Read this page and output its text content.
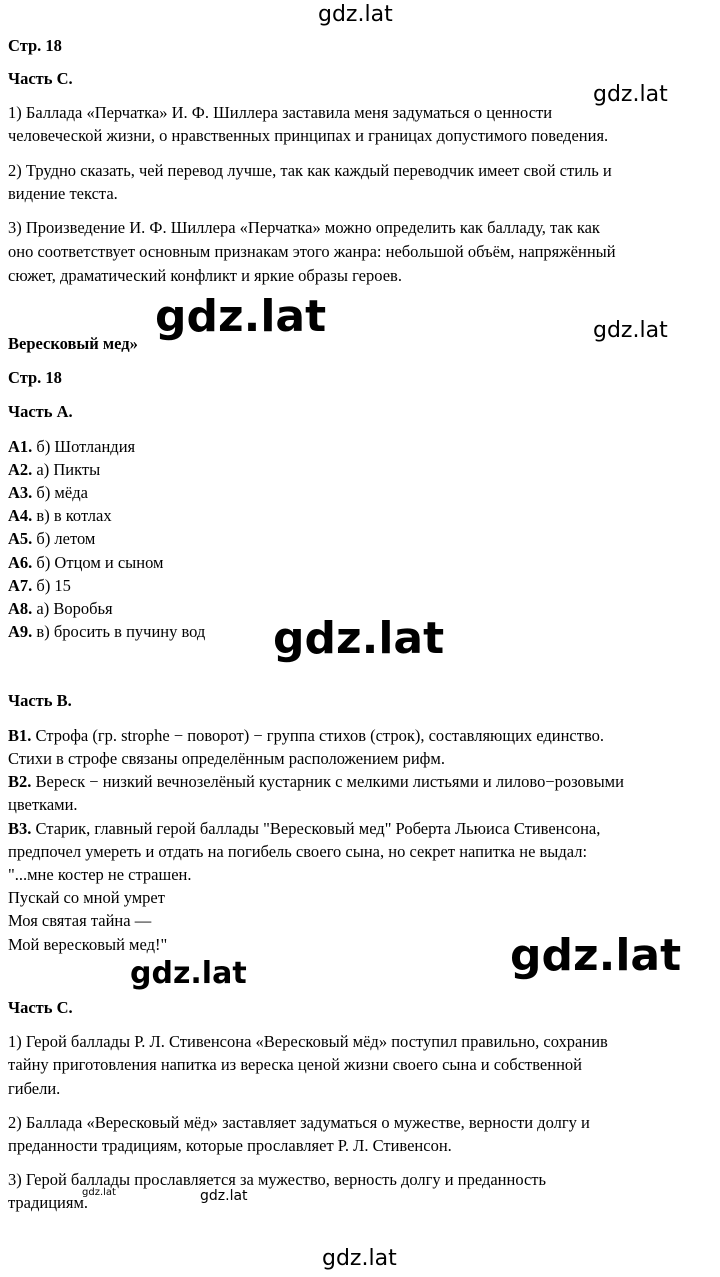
Стр. 18
Часть С.
1) Баллада «Перчатка» И. Ф. Шиллера заставила меня задуматься о ценности
человеческой жизни, о нравственных принципах и границах допустимого поведения.
2) Трудно сказать, чей перевод лучше, так как каждый переводчик имеет свой стиль и
видение текста.
3) Произведение И. Ф. Шиллера «Перчатка» можно определить как балладу, так как
оно соответствует основным признакам этого жанра: небольшой объём, напряжённый
сюжет, драматический конфликт и яркие образы героев.
Вересковый мед»
Стр. 18
Часть А.
А1. б) Шотландия
А2. а) Пикты
А3. б) мёда
А4. в) в котлах
А5. б) летом
А6. б) Отцом и сыном
А7. б) 15
А8. а) Воробья
А9. в) бросить в пучину вод
Часть В.
В1. Строфа (гр. strophe − поворот) − группа стихов (строк), составляющих единство.
Стихи в строфе связаны определённым расположением рифм.
В2. Вереск − низкий вечнозелёный кустарник с мелкими листьями и лилово−розовыми
цветками.
В3. Старик, главный герой баллады "Вересковый мед" Роберта Льюиса Стивенсона,
предпочел умереть и отдать на погибель своего сына, но секрет напитка не выдал:
"...мне костер не страшен.
Пускай со мной умрет
Моя святая тайна —
Мой вересковый мед!"
Часть С.
1) Герой баллады Р. Л. Стивенсона «Вересковый мёд» поступил правильно, сохранив
тайну приготовления напитка из вереска ценой жизни своего сына и собственной
гибели.
2) Баллада «Вересковый мёд» заставляет задуматься о мужестве, верности долгу и
преданности традициям, которые прославляет Р. Л. Стивенсон.
3) Герой баллады прославляется за мужество, верность долгу и преданность
традициям.
gdz.lat
gdz.lat
gdz.lat	gdz.lat
gdz.lat
gdz.lat	gdz.lat
gdz.lat	gdz.lat
gdz.lat
